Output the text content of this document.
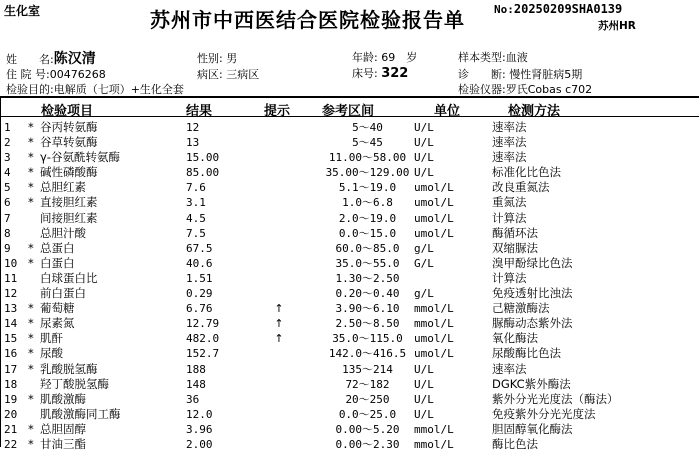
生化室	苏州市中西医结合医院检验报告单	No:20250209SHA0139
苏州HR
姓　　名:陈汉清	性别: 男	年龄: 69　岁	样本类型:血液
住 院 号:00476268	病区: 三病区	床号: 322	诊　　断: 慢性肾脏病5期
检验目的:电解质（七项）+生化全套	检验仪器:罗氏Cobas c702
检验项目	结果	提示 参考区间	单位	检测方法
1 * 谷丙转氨酶	12	5～40	U/L	速率法
2 * 谷草转氨酶	13	5～45	U/L	速率法
3 * γ-谷氨酰转氨酶	15.00	11.00～58.00 U/L	速率法
4 * 碱性磷酸酶	85.00	35.00～129.00 U/L	标准化比色法
5 * 总胆红素	7.6	5.1～19.0	umol/L	改良重氮法
6 * 直接胆红素	3.1	1.0～6.8	umol/L	重氮法
7	间接胆红素	4.5	2.0～19.0	umol/L	计算法
8	总胆汁酸	7.5	0.0～15.0	umol/L	酶循环法
9 * 总蛋白	67.5	60.0～85.0	g/L	双缩脲法
10 * 白蛋白	40.6	35.0～55.0	G/L	溴甲酚绿比色法
11 白球蛋白比	1.51	1.30～2.50	计算法
12 前白蛋白	0.29	0.20～0.40	g/L	免疫透射比浊法
13 * 葡萄糖	6.76	↑	3.90～6.10	mmol/L	己糖激酶法
14 * 尿素氮	12.79	↑	2.50～8.50	mmol/L	脲酶动态紫外法
15 * 肌酐	482.0	↑	35.0～115.0	umol/L	氧化酶法
16 * 尿酸	152.7	142.0～416.5 umol/L	尿酸酶比色法
17 * 乳酸脱氢酶	188	135～214	U/L	速率法
18 羟丁酸脱氢酶	148	72～182	U/L	DGKC紫外酶法
19 * 肌酸激酶	36	20～250	U/L	紫外分光光度法（酶法）
20 肌酸激酶同工酶	12.0	0.0～25.0	U/L	免疫紫外分光光度法
21 * 总胆固醇	3.96	0.00～5.20	mmol/L	胆固醇氧化酶法
22 * 甘油三酯	2.00	0.00～2.30	mmol/L	酶比色法
